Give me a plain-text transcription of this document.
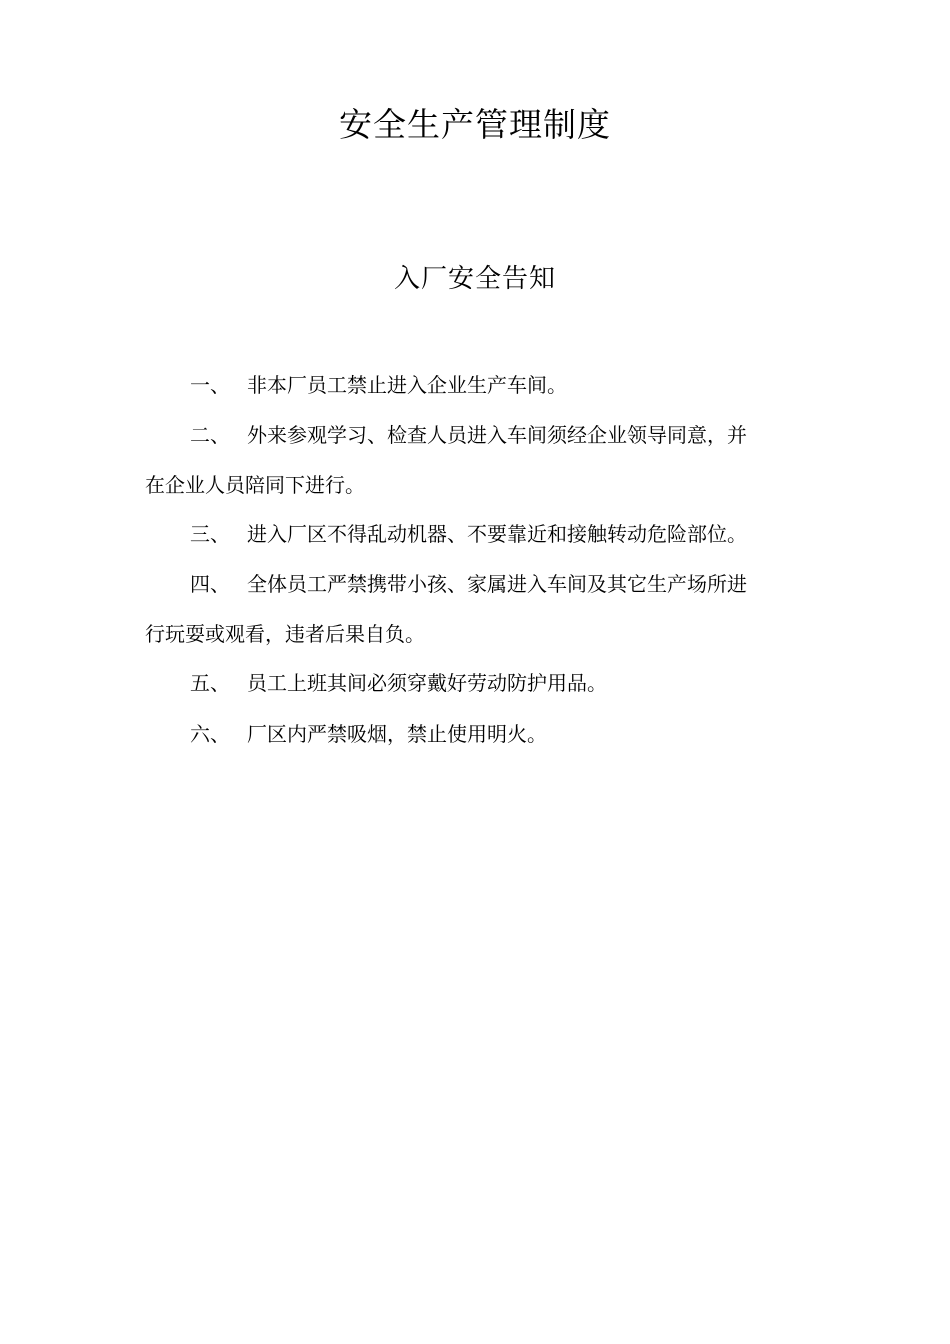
安全生产管理制度
入厂安全告知
一、 非本厂员工禁止进入企业生产车间。
二、 外来参观学习、检查人员进入车间须经企业领导同意，并
在企业人员陪同下进行。
三、 进入厂区不得乱动机器、不要靠近和接触转动危险部位。
四、 全体员工严禁携带小孩、家属进入车间及其它生产场所进
行玩耍或观看，违者后果自负。
五、 员工上班其间必须穿戴好劳动防护用品。
六、 厂区内严禁吸烟，禁止使用明火。
